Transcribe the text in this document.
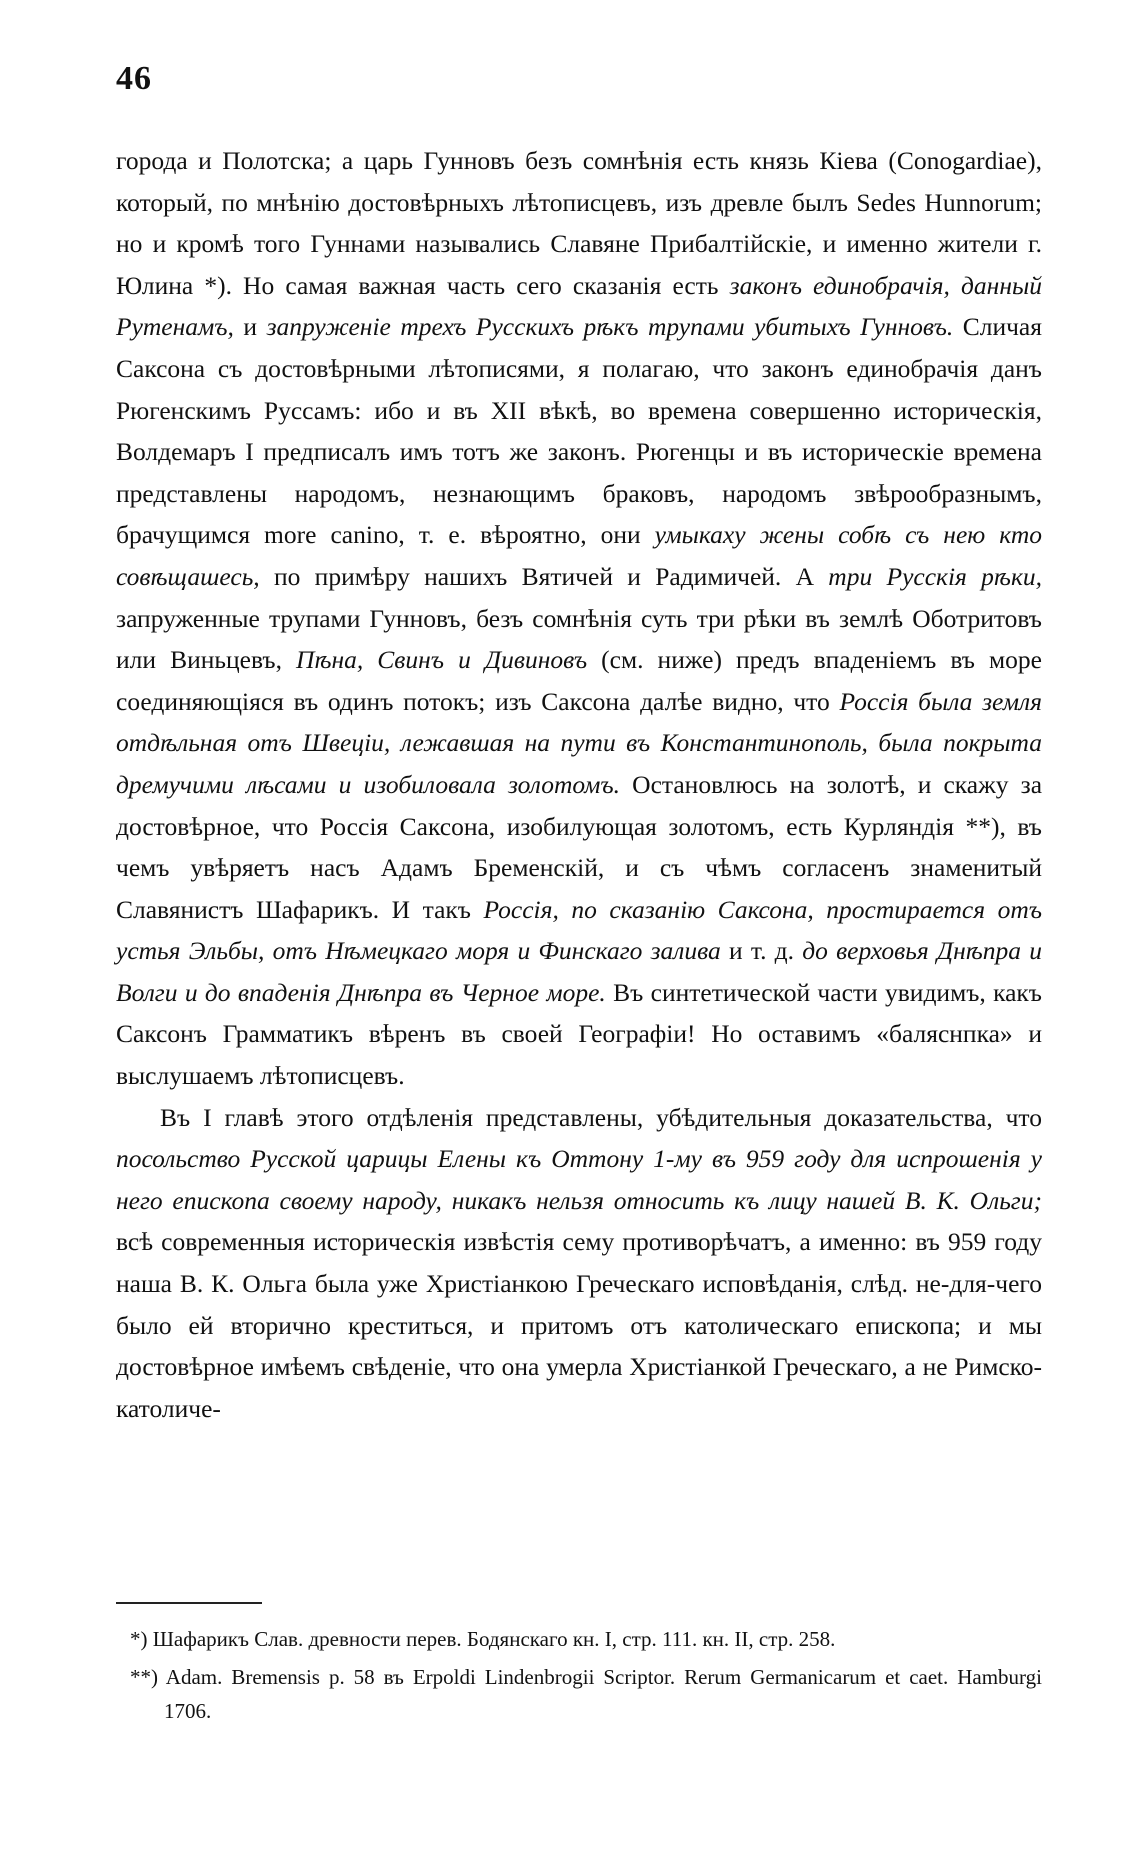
46

города и Полотска; а царь Гунновъ безъ сомнѣнія есть князь Кіева (Conogardiae), который, по мнѣнію достовѣрныхъ лѣтописцевъ, изъ древле былъ Sedes Hunnorum; но и кромѣ того Гуннами назывались Славяне Прибалтійскіе, и именно жители г. Юлина *). Но самая важная часть сего сказанія есть законъ единобрачія, данный Рутенамъ, и запруженіе трехъ Русскихъ рѣкъ трупами убитыхъ Гунновъ. Сличая Саксона съ достовѣрными лѣтописями, я полагаю, что законъ единобрачія данъ Рюгенскимъ Руссамъ: ибо и въ XII вѣкѣ, во времена совершенно историческія, Волдемаръ I предписалъ имъ тотъ же законъ. Рюгенцы и въ историческіе времена представлены народомъ, незнающимъ браковъ, народомъ звѣрообразнымъ, брачущимся more canino, т. е. вѣроятно, они умыкаху жены собѣ съ нею кто совѣщашесь, по примѣру нашихъ Вятичей и Радимичей. А три Русскія рѣки, запруженные трупами Гунновъ, безъ сомнѣнія суть три рѣки въ землѣ Оботритовъ или Виньцевъ, Пѣна, Свинъ и Дивиновъ (см. ниже) предъ впаденіемъ въ море соединяющіяся въ одинъ потокъ; изъ Саксона далѣе видно, что Россія была земля отдѣльная отъ Швеціи, лежавшая на пути въ Константинополь, была покрыта дремучими лѣсами и изобиловала золотомъ. Остановлюсь на золотѣ, и скажу за достовѣрное, что Россія Саксона, изобилующая золотомъ, есть Курляндія **), въ чемъ увѣряетъ насъ Адамъ Бременскій, и съ чѣмъ согласенъ знаменитый Славянистъ Шафарикъ. И такъ Россія, по сказанію Саксона, простирается отъ устья Эльбы, отъ Нѣмецкаго моря и Финскаго залива и т. д. до верховья Днѣпра и Волги и до впаденія Днѣпра въ Черное море. Въ синтетической части увидимъ, какъ Саксонъ Грамматикъ вѣренъ въ своей Географіи! Но оставимъ «баляснпка» и выслушаемъ лѣтописцевъ.

Въ I главѣ этого отдѣленія представлены, убѣдительныя доказательства, что посольство Русской царицы Елены къ Оттону 1-му въ 959 году для испрошенія у него епископа своему народу, никакъ нельзя относить къ лицу нашей В. К. Ольги; всѣ современныя историческія извѣстія сему противорѣчатъ, а именно: въ 959 году наша В. К. Ольга была уже Христіанкою Греческаго исповѣданія, слѣд. не-для-чего было ей вторично креститься, и притомъ отъ католическаго епископа; и мы достовѣрное имѣемъ свѣденіе, что она умерла Христіанкой Греческаго, а не Римско-католиче-

*) Шафарикъ Слав. древности перев. Бодянскаго кн. I, стр. 111. кн. II, стр. 258.

**) Adam. Bremensis p. 58 въ Erpoldi Lindenbrogii Scriptor. Rerum Germanicarum et caet. Hamburgi 1706.
